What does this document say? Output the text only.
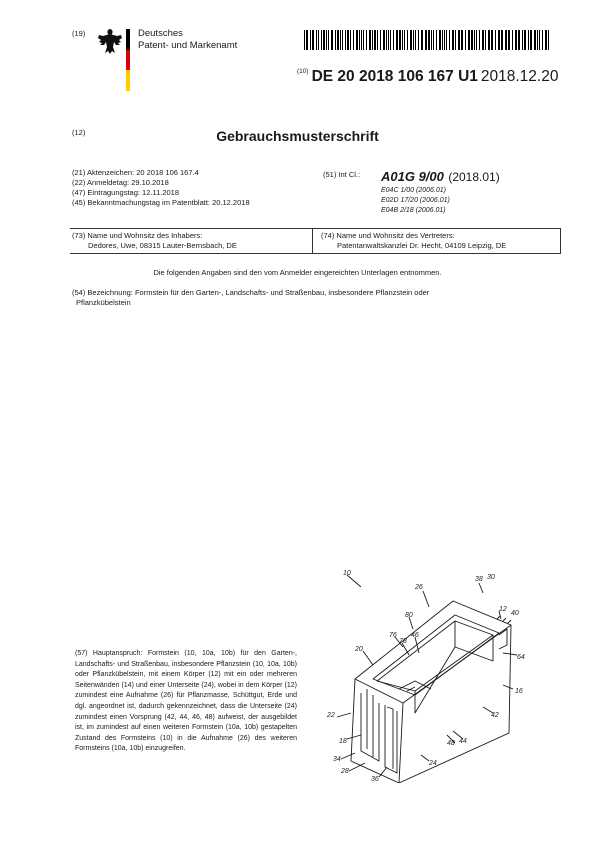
(19)	Deutsches
Patent- und Markenamt
$^{(10)}$ DE 20 2018 106 167 U1 2018.12.20
(12)	Gebrauchsmusterschrift
(21) Aktenzeichen: 20 2018 106 167.4
(22) Anmeldetag: 29.10.2018
(47) Eintragungstag: 12.11.2018
(45) Bekanntmachungstag im Patentblatt: 20.12.2018
(51) Int Cl.: A01G 9/00 (2018.01)
E04C 1/00 (2006.01)
E02D 17/20 (2006.01)
E04B 2/18 (2006.01)
(73) Name und Wohnsitz des Inhabers:
Dedores, Uwe, 08315 Lauter-Bernsbach, DE
(74) Name und Wohnsitz des Vertreters:
Patentanwaltskanzlei Dr. Hecht, 04109 Leipzig, DE
Die folgenden Angaben sind den vom Anmelder eingereichten Unterlagen entnommen.
(54) Bezeichnung: Formstein für den Garten-, Landschafts- und Straßenbau, insbesondere Pflanzstein oder
Pflanzkübelstein
(57) Hauptanspruch: Formstein (10, 10a, 10b) für den Garten-, Landschafts- und Straßenbau, insbesondere Pflanzstein (10, 10a, 10b) oder Pflanzkübelstein, mit einem Körper (12) mit ein oder mehreren Seitenwänden (14) und einer Unterseite (24), wobei in dem Körper (12) zumindest eine Aufnahme (26) für Pflanzmasse, Schüttgut, Erde und dgl. angeordnet ist, dadurch gekennzeichnet, dass die Unterseite (24) zumindest einen Vorsprung (42, 44, 46, 48) aufweist, der ausgebildet ist, im zumindest auf einen weiteren Formstein (10a, 10b) gestapelten Zustand des Formsteins (10) in die Aufnahme (26) des weiteren Formsteins (10a, 10b) einzugreifen.
10
26
38 30
12
40
80
76
78
46
20
64
16
22	42
44
18	48
34
28
36
24
